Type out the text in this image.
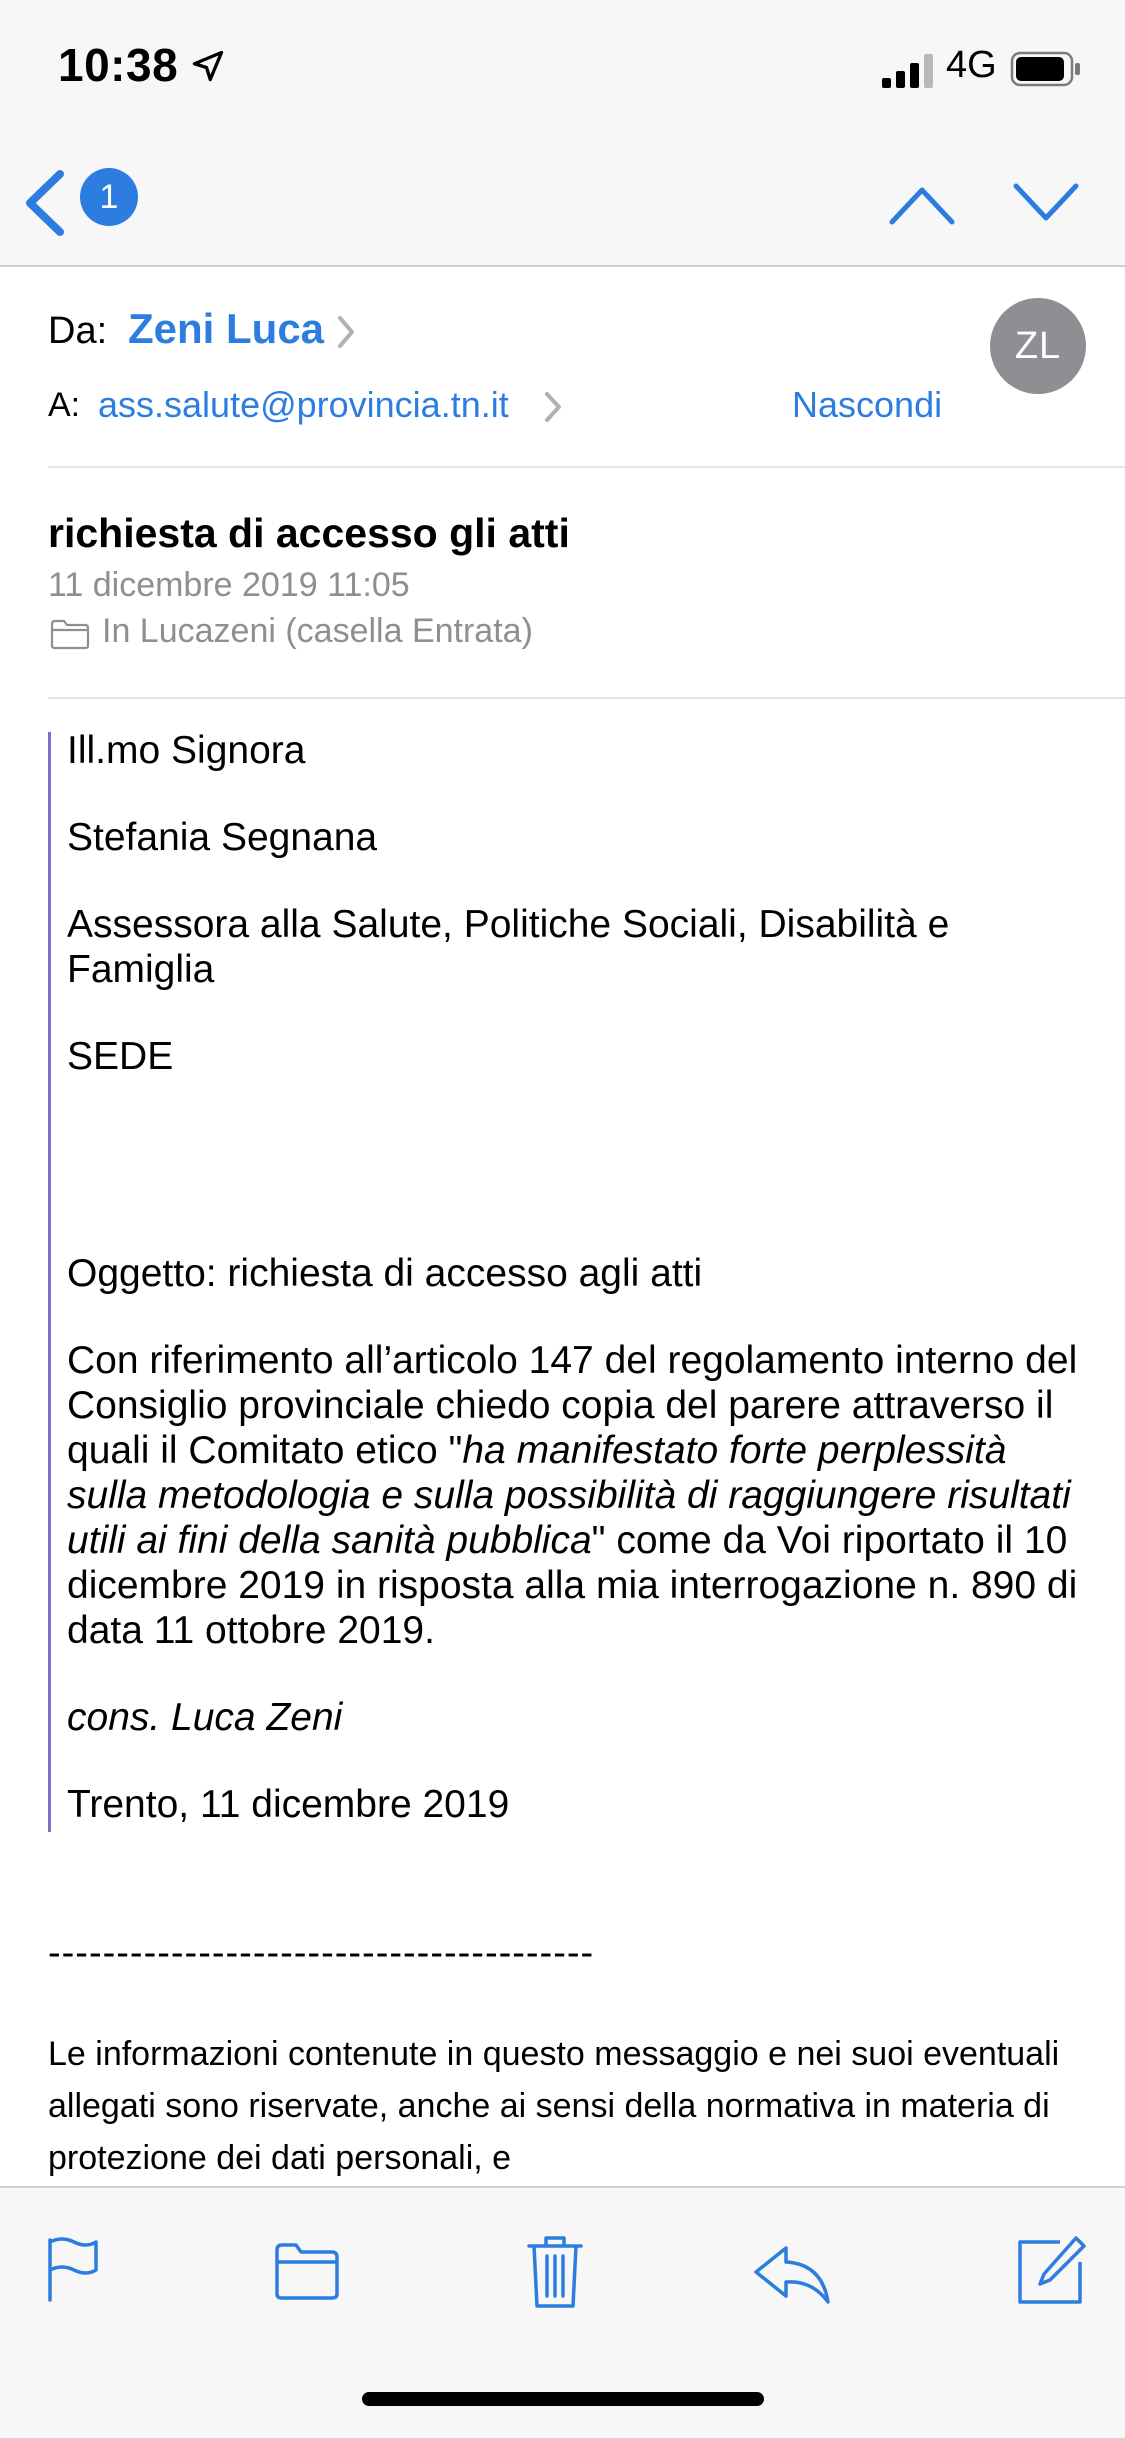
10:38	4G
1
Da: Zeni Luca	ZL
A: ass.salute@provincia.tn.it	Nascondi
richiesta di accesso gli atti
11 dicembre 2019 11:05
In Lucazeni (casella Entrata)

Ill.mo Signora

Stefania Segnana

Assessora alla Salute, Politiche Sociali, Disabilità e Famiglia

SEDE

Oggetto: richiesta di accesso agli atti

Con riferimento all’articolo 147 del regolamento interno del Consiglio provinciale chiedo copia del parere attraverso il quali il Comitato etico "ha manifestato forte perplessità sulla metodologia e sulla possibilità di raggiungere risultati utili ai fini della sanità pubblica" come da Voi riportato il 10 dicembre 2019 in risposta alla mia interrogazione n. 890 di data 11 ottobre 2019.

cons. Luca Zeni

Trento, 11 dicembre 2019

----------------------------------------
Le informazioni contenute in questo messaggio e nei suoi eventuali allegati sono riservate, anche ai sensi della normativa in materia di protezione dei dati personali, e
